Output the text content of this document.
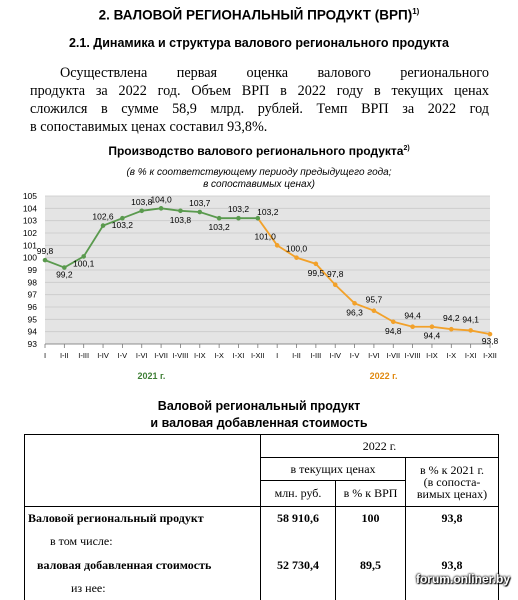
2. ВАЛОВОЙ РЕГИОНАЛЬНЫЙ ПРОДУКТ (ВРП)$^{1)}$
2.1. Динамика и структура валового регионального продукта
Осуществлена первая оценка валового регионального
продукта за 2022 год. Объем ВРП в 2022 году в текущих ценах
сложился в сумме 58,9 млрд. рублей. Темп ВРП за 2022 год
в сопоставимых ценах составил 93,8%.
Производство валового регионального продукта$^{2)}$
(в % к соответствующему периоду предыдущего года;
в сопоставимых ценах)
93
94
95
96
97
98
99
100
101
102
103
104
105
I I-II I-III I-IV I-V I-VI I-VII I-VIII I-IX I-X I-XI I-XII I I-II I-III I-IV I-V I-VI I-VII I-VIII I-IX I-X I-XI I-XII
2021 г.	2022 г.
99,8
99,2
100,1
102,6
103,2
103,8
104,0
103,8
103,7
103,2
103,2 103,2
101,0
100,0
99,5 97,8
96,3
95,7
94,8
94,4
94,4
94,2 94,1
93,8
Валовой региональный продукт
и валовая добавленная стоимость
	2022 г.		
	в текущих ценах		в % к 2021 г.
(в сопоста-
вимых ценах)
	млн. руб.	в % к ВРП	
Валовой региональный продукт	58 910,6	100	93,8
в том числе:			
валовая добавленная стоимость	52 730,4	89,5	93,8
из нее:			
forum.onliner.by
